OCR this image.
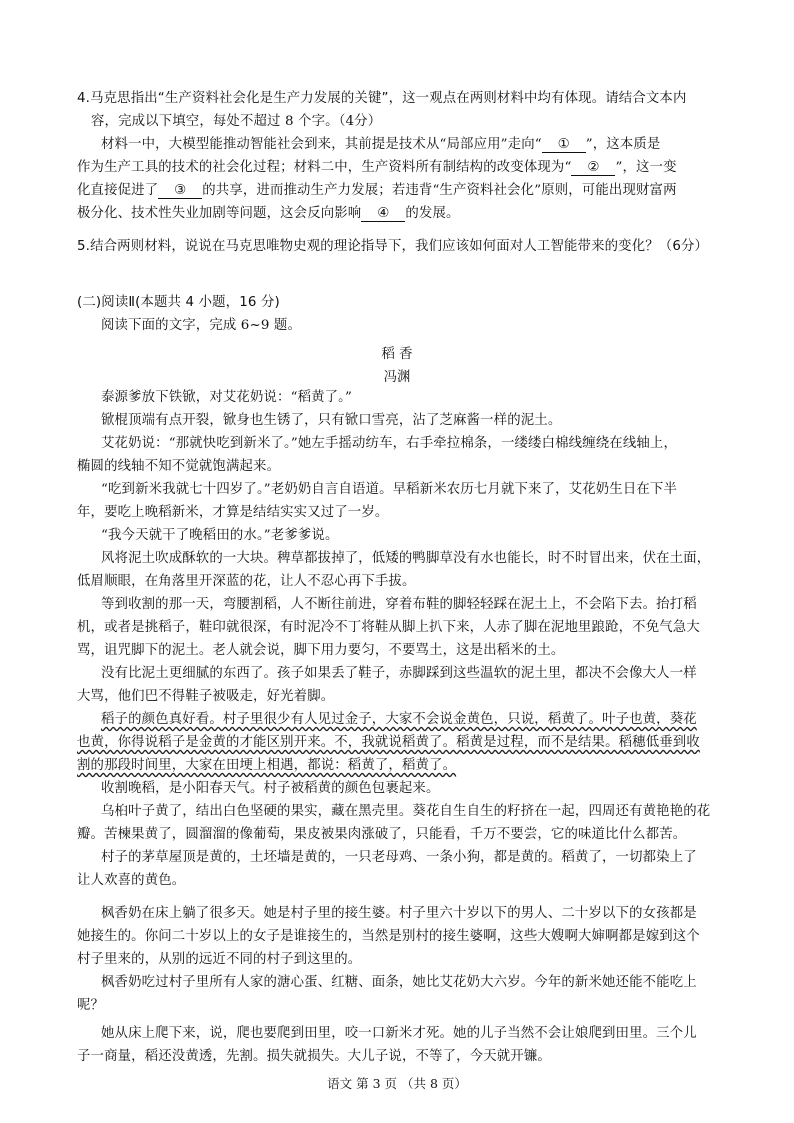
4.马克思指出“生产资料社会化是生产力发展的关键”，这一观点在两则材料中均有体现。请结合文本内
容，完成以下填空，每处不超过 8 个字。（4分）
材料一中，大模型能推动智能社会到来，其前提是技术从“局部应用”走向“ ① ”，这本质是
作为生产工具的技术的社会化过程；材料二中，生产资料所有制结构的改变体现为“ ② ”，这一变
化直接促进了 ③ 的共享，进而推动生产力发展；若违背“生产资料社会化”原则，可能出现财富两
极分化、技术性失业加剧等问题，这会反向影响 ④ 的发展。
5.结合两则材料，说说在马克思唯物史观的理论指导下，我们应该如何面对人工智能带来的变化？（6分）
(二)阅读Ⅱ(本题共 4 小题，16 分)
阅读下面的文字，完成 6~9 题。
稻 香
冯渊
泰源爹放下铁锨，对艾花奶说：“稻黄了。”
锨棍顶端有点开裂，锨身也生锈了，只有锨口雪亮，沾了芝麻酱一样的泥土。
艾花奶说：“那就快吃到新米了。”她左手摇动纺车，右手牵拉棉条，一缕缕白棉线缠绕在线轴上，
椭圆的线轴不知不觉就饱满起来。
“吃到新米我就七十四岁了。”老奶奶自言自语道。早稻新米农历七月就下来了，艾花奶生日在下半
年，要吃上晚稻新米，才算是结结实实又过了一岁。
“我今天就干了晚稻田的水。”老爹爹说。
风将泥土吹成酥软的一大块。稗草都拔掉了，低矮的鸭脚草没有水也能长，时不时冒出来，伏在土面，
低眉顺眼，在角落里开深蓝的花，让人不忍心再下手拔。
等到收割的那一天，弯腰割稻，人不断往前进，穿着布鞋的脚轻轻踩在泥土上，不会陷下去。抬打稻
机，或者是挑稻子，鞋印就很深，有时泥冷不丁将鞋从脚上扒下来，人赤了脚在泥地里踉跄，不免气急大
骂，诅咒脚下的泥土。老人就会说，脚下用力要匀，不要骂土，这是出稻米的土。
没有比泥土更细腻的东西了。孩子如果丢了鞋子，赤脚踩到这些温软的泥土里，都决不会像大人一样
大骂，他们巴不得鞋子被吸走，好光着脚。
稻子的颜色真好看。村子里很少有人见过金子，大家不会说金黄色，只说，稻黄了。叶子也黄，葵花
也黄，你得说稻子是金黄的才能区别开来。不，我就说稻黄了。稻黄是过程，而不是结果。稻穗低垂到收
割的那段时间里，大家在田埂上相遇，都说：稻黄了，稻黄了。
收割晚稻，是小阳春天气。村子被稻黄的颜色包裹起来。
乌桕叶子黄了，结出白色坚硬的果实，藏在黑壳里。葵花自生自生的籽挤在一起，四周还有黄艳艳的花
瓣。苦楝果黄了，圆溜溜的像葡萄，果皮被果肉涨破了，只能看，千万不要尝，它的味道比什么都苦。
村子的茅草屋顶是黄的，土坯墙是黄的，一只老母鸡、一条小狗，都是黄的。稻黄了，一切都染上了
让人欢喜的黄色。
枫香奶在床上躺了很多天。她是村子里的接生婆。村子里六十岁以下的男人、二十岁以下的女孩都是
她接生的。你问二十岁以上的女子是谁接生的，当然是别村的接生婆啊，这些大嫂啊大婶啊都是嫁到这个
村子里来的，从别的远近不同的村子到这里的。
枫香奶吃过村子里所有人家的溏心蛋、红糖、面条，她比艾花奶大六岁。今年的新米她还能不能吃上
呢？
她从床上爬下来，说，爬也要爬到田里，咬一口新米才死。她的儿子当然不会让娘爬到田里。三个儿
子一商量，稻还没黄透，先割。损失就损失。大儿子说，不等了，今天就开镰。
语文 第 3 页 （共 8 页）
